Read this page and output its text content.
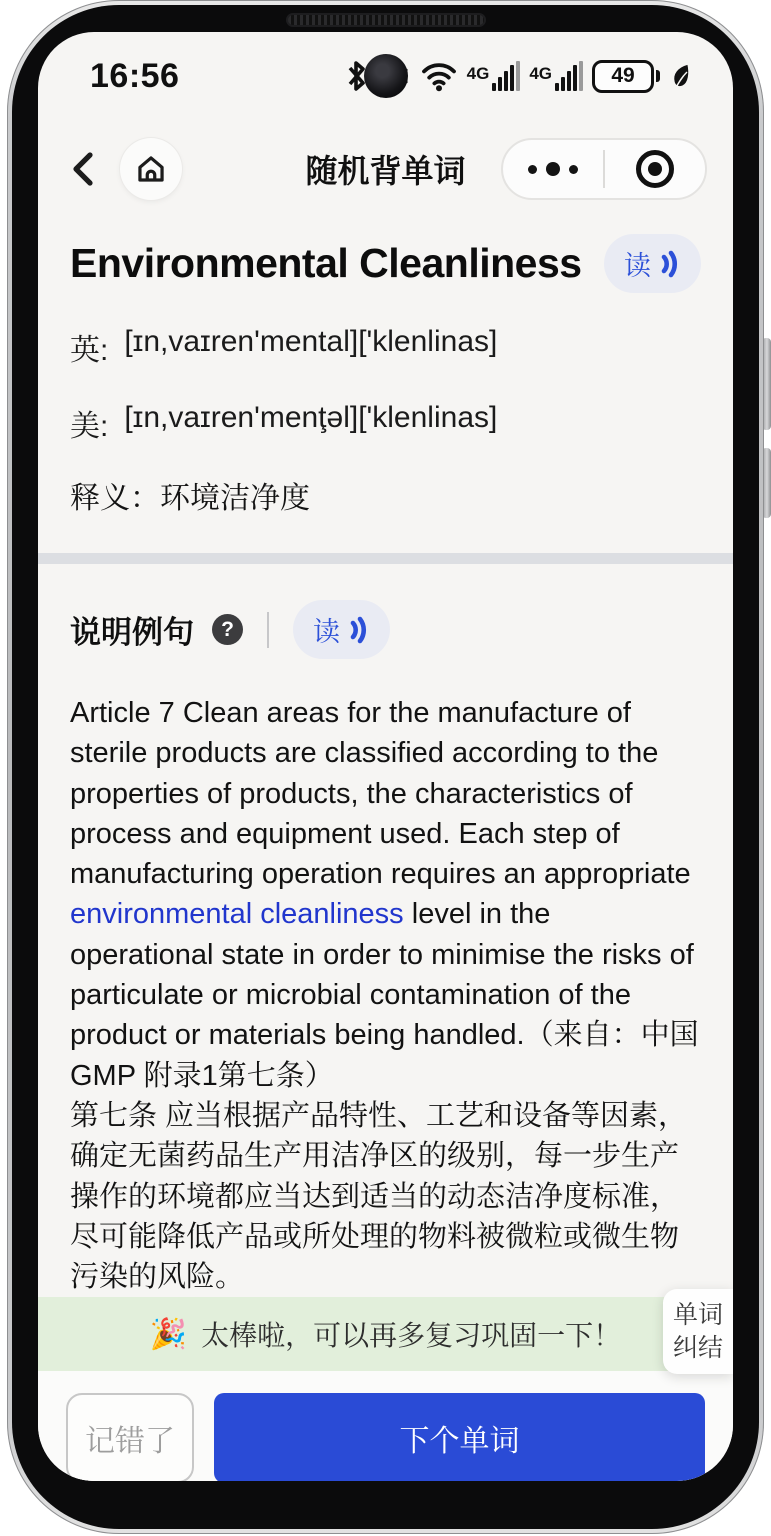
16:56	4G 4G	49
随机背单词
Environmental Cleanliness 读
英: [ɪn,vaɪren'mental]['klenlinas]
美: [ɪn,vaɪren'menţəl]['klenlinas]
释义：环境洁净度
说明例句	?	读
Article 7 Clean areas for the manufacture of sterile products are classified according to the properties of products, the characteristics of process and equipment used. Each step of manufacturing operation requires an appropriate environmental cleanliness level in the operational state in order to minimise the risks of particulate or microbial contamination of the product or materials being handled.（来自：中国 GMP 附录1第七条）
第七条 应当根据产品特性、工艺和设备等因素，确定无菌药品生产用洁净区的级别，每一步生产操作的环境都应当达到适当的动态洁净度标准，尽可能降低产品或所处理的物料被微粒或微生物污染的风险。
🎉 太棒啦，可以再多复习巩固一下！
单词
纠结
记错了	下个单词
